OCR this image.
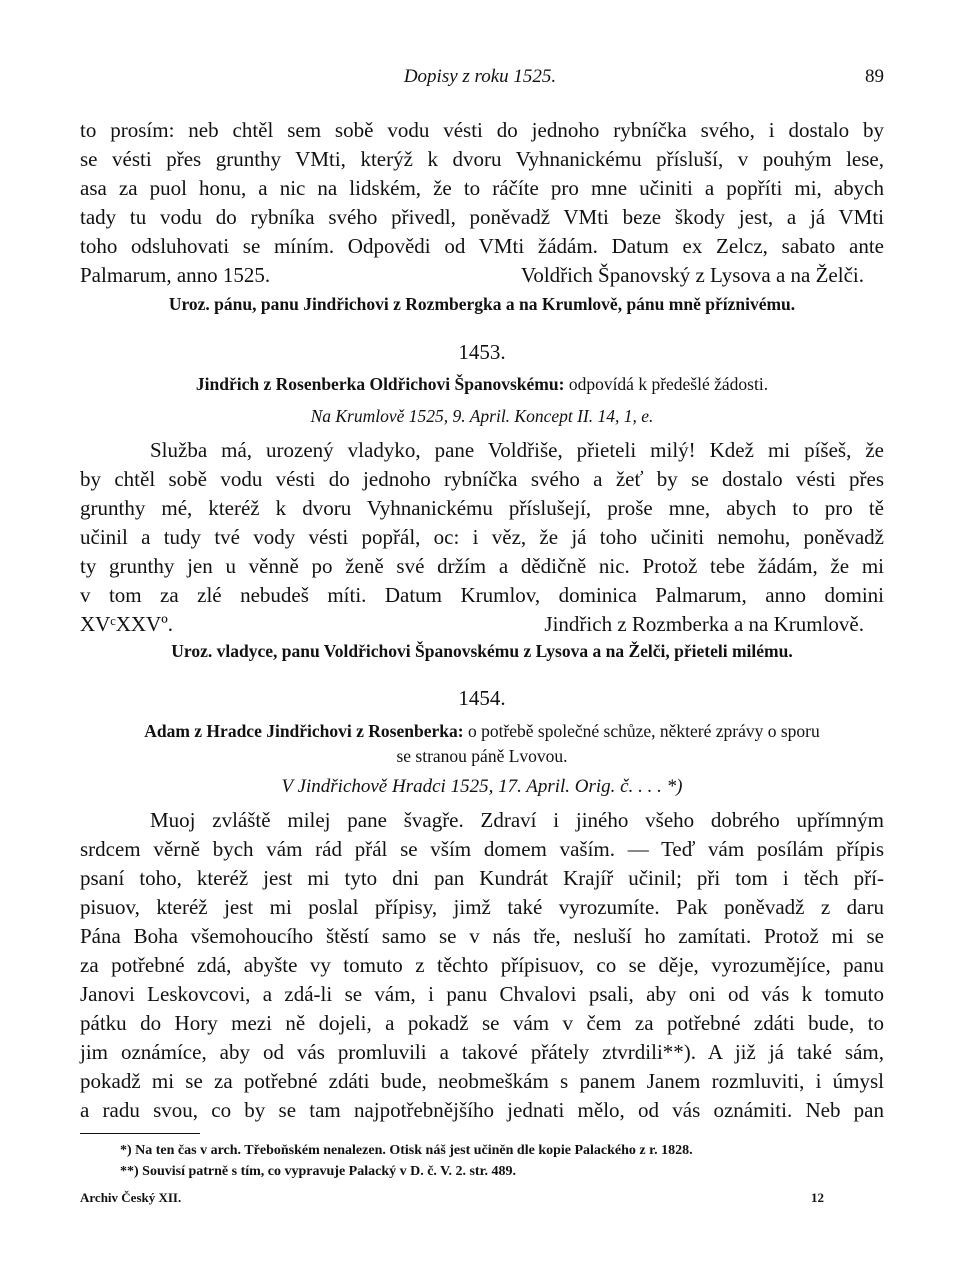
Dopisy z roku 1525.	89
to prosím: neb chtěl sem sobě vodu vésti do jednoho rybníčka svého, i dostalo by
se vésti přes grunthy VMti, kterýž k dvoru Vyhnanickému přísluší, v pouhým lese,
asa za puol honu, a nic na lidském, že to ráčíte pro mne učiniti a popříti mi, abych
tady tu vodu do rybníka svého přivedl, poněvadž VMti beze škody jest, a já VMti
toho odsluhovati se míním. Odpovědi od VMti žádám. Datum ex Zelcz, sabato ante
Palmarum, anno 1525.	Voldřich Španovský z Lysova a na Želči.
Uroz. pánu, panu Jindřichovi z Rozmbergka a na Krumlově, pánu mně příznivému.
1453.
Jindřich z Rosenberka Oldřichovi Španovskému: odpovídá k předešlé žádosti.
Na Krumlově 1525, 9. April. Koncept II. 14, 1, e.
Služba má, urozený vladyko, pane Voldřiše, přieteli milý! Kdež mi píšeš, že
by chtěl sobě vodu vésti do jednoho rybníčka svého a žeť by se dostalo vésti přes
grunthy mé, kteréž k dvoru Vyhnanickému příslušejí, proše mne, abych to pro tě
učinil a tudy tvé vody vésti popřál, oc: i věz, že já toho učiniti nemohu, poněvadž
ty grunthy jen u věnně po ženě své držím a dědičně nic. Protož tebe žádám, že mi
v tom za zlé nebudeš míti. Datum Krumlov, dominica Palmarum, anno domini
XVᶜXXVº.	Jindřich z Rozmberka a na Krumlově.
Uroz. vladyce, panu Voldřichovi Španovskému z Lysova a na Želči, přieteli milému.
1454.
Adam z Hradce Jindřichovi z Rosenberka: o potřebě společné schůze, některé zprávy o sporu
se stranou páně Lvovou.
V Jindřichově Hradci 1525, 17. April. Orig. č. . . . *)
Muoj zvláště milej pane švagře. Zdraví i jiného všeho dobrého upřímným
srdcem věrně bych vám rád přál se vším domem vaším. — Teď vám posílám přípis
psaní toho, kteréž jest mi tyto dni pan Kundrát Krajíř učinil; při tom i těch pří-
pisuov, kteréž jest mi poslal přípisy, jimž také vyrozumíte. Pak poněvadž z daru
Pána Boha všemohoucího štěstí samo se v nás tře, nesluší ho zamítati. Protož mi se
za potřebné zdá, abyšte vy tomuto z těchto přípisuov, co se děje, vyrozumějíce, panu
Janovi Leskovcovi, a zdá-li se vám, i panu Chvalovi psali, aby oni od vás k tomuto
pátku do Hory mezi ně dojeli, a pokadž se vám v čem za potřebné zdáti bude, to
jim oznámíce, aby od vás promluvili a takové přátely ztvrdili**). A již já také sám,
pokadž mi se za potřebné zdáti bude, neobmeškám s panem Janem rozmluviti, i úmysl
a radu svou, co by se tam najpotřebnějšího jednati mělo, od vás oznámiti. Neb pan
*) Na ten čas v arch. Třeboňském nenalezen. Otisk náš jest učiněn dle kopie Palackého z r. 1828.
**) Souvisí patrně s tím, co vypravuje Palacký v D. č. V. 2. str. 489.
Archiv Český XII.	12
